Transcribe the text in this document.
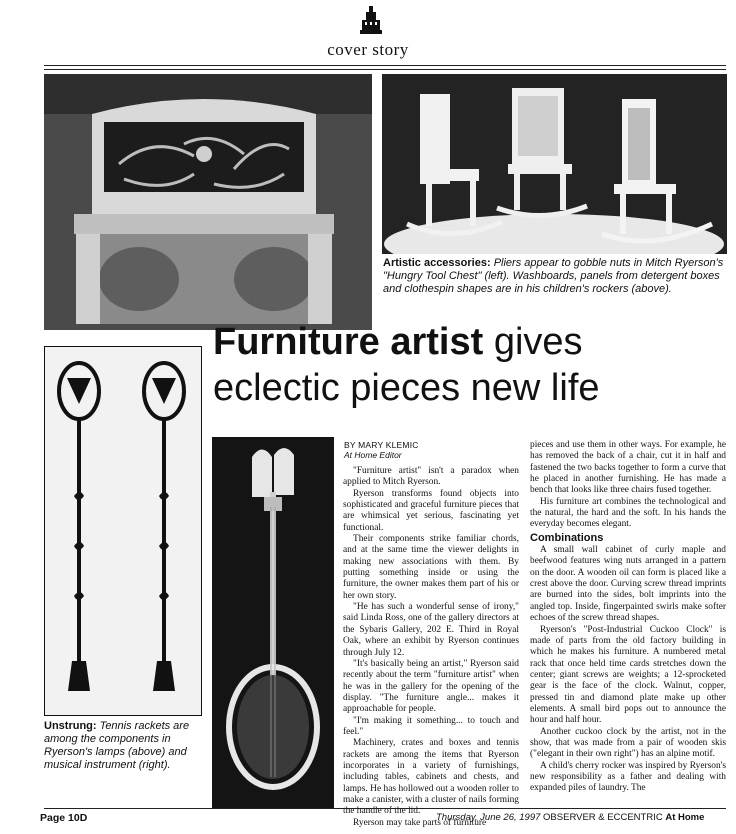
cover story
Artistic accessories: Pliers appear to gobble nuts in Mitch Ryerson's "Hungry Tool Chest" (left). Washboards, panels from detergent boxes and clothespin shapes are in his children's rockers (above).
Furniture artist gives
eclectic pieces new life
Unstrung: Tennis rackets are among the components in Ryerson's lamps (above) and musical instrument (right).
BY MARY KLEMIC
At Home Editor

"Furniture artist" isn't a paradox when applied to Mitch Ryerson.

Ryerson transforms found objects into sophisticated and graceful furniture pieces that are whimsical yet serious, fascinating yet functional.

Their components strike familiar chords, and at the same time the viewer delights in making new associations with them. By putting something inside or using the furniture, the owner makes them part of his or her own story.

"He has such a wonderful sense of irony," said Linda Ross, one of the gallery directors at the Sybaris Gallery, 202 E. Third in Royal Oak, where an exhibit by Ryerson continues through July 12.

"It's basically being an artist," Ryerson said recently about the term "furniture artist" when he was in the gallery for the opening of the display. "The furniture angle... makes it approachable for people.

"I'm making it something... to touch and feel."

Machinery, crates and boxes and tennis rackets are among the items that Ryerson incorporates in a variety of furnishings, including tables, cabinets and chests, and lamps. He has hollowed out a wooden roller to make a canister, with a cluster of nails forming the handle of the lid.

Ryerson may take parts of furniture

pieces and use them in other ways. For example, he has removed the back of a chair, cut it in half and fastened the two backs together to form a curve that he placed in another furnishing. He has made a bench that looks like three chairs fused together.

His furniture art combines the technological and the natural, the hard and the soft. In his hands the everyday becomes elegant.

Combinations

A small wall cabinet of curly maple and beefwood features wing nuts arranged in a pattern on the door. A wooden oil can form is placed like a crest above the door. Curving screw thread imprints are burned into the sides, bolt imprints into the angled top. Inside, fingerpainted swirls make softer echoes of the screw thread shapes.

Ryerson's "Post-Industrial Cuckoo Clock" is made of parts from the old factory building in which he makes his furniture. A numbered metal rack that once held time cards stretches down the center; giant screws are weights; a 12-sprocketed gear is the face of the clock. Walnut, copper, pressed tin and diamond plate make up other elements. A small bird pops out to announce the hour and half hour.

Another cuckoo clock by the artist, not in the show, that was made from a pair of wooden skis ("elegant in their own right") has an alpine motif.

A child's cherry rocker was inspired by Ryerson's new responsibility as a father and dealing with expanded piles of laundry. The

Page 10D	Thursday, June 26, 1997 OBSERVER & ECCENTRIC At Home
